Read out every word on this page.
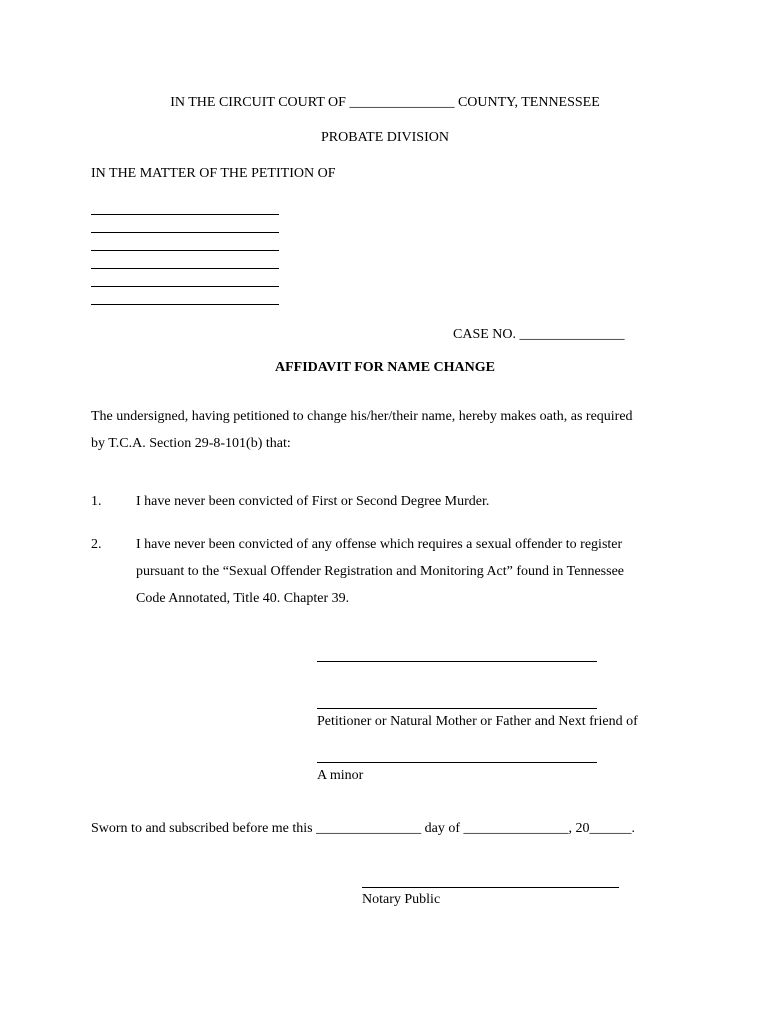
IN THE CIRCUIT COURT OF _______________ COUNTY, TENNESSEE
PROBATE DIVISION
IN THE MATTER OF THE PETITION OF
CASE NO. _______________
AFFIDAVIT FOR NAME CHANGE
The undersigned, having petitioned to change his/her/their name, hereby makes oath, as required
by T.C.A. Section 29-8-101(b) that:
1. I have never been convicted of First or Second Degree Murder.
2. I have never been convicted of any offense which requires a sexual offender to register
pursuant to the “Sexual Offender Registration and Monitoring Act” found in Tennessee
Code Annotated, Title 40. Chapter 39.
Petitioner or Natural Mother or Father and Next friend of
A minor
Sworn to and subscribed before me this _______________ day of _______________, 20______.
Notary Public
